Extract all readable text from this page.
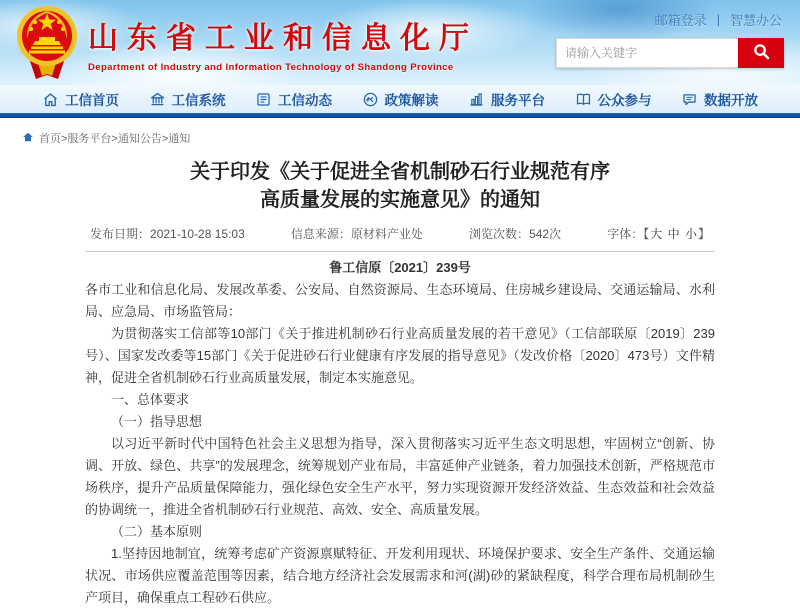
山东省工业和信息化厅
Department of Industry and Information Technology of Shandong Province
邮箱登录 | 智慧办公
请输入关键字
工信首页	工信系统	工信动态	政策解读	服务平台	公众参与	数据开放
首页>服务平台>通知公告>通知
关于印发《关于促进全省机制砂石行业规范有序
高质量发展的实施意见》的通知
发布日期：2021-10-28 15:03	信息来源：原材料产业处	浏览次数：542次	字体：【大 中 小】

鲁工信原〔2021〕239号

各市工业和信息化局、发展改革委、公安局、自然资源局、生态环境局、住房城乡建设局、交通运输局、水利局、应急局、市场监管局：

为贯彻落实工信部等10部门《关于推进机制砂石行业高质量发展的若干意见》（工信部联原〔2019〕239号）、国家发改委等15部门《关于促进砂石行业健康有序发展的指导意见》（发改价格〔2020〕473号）文件精神，促进全省机制砂石行业高质量发展，制定本实施意见。

一、总体要求

（一）指导思想

以习近平新时代中国特色社会主义思想为指导，深入贯彻落实习近平生态文明思想，牢固树立“创新、协调、开放、绿色、共享”的发展理念，统筹规划产业布局，丰富延伸产业链条，着力加强技术创新，严格规范市场秩序，提升产品质量保障能力，强化绿色安全生产水平，努力实现资源开发经济效益、生态效益和社会效益的协调统一，推进全省机制砂石行业规范、高效、安全、高质量发展。

（二）基本原则

1.坚持因地制宜，统筹考虑矿产资源禀赋特征、开发利用现状、环境保护要求、安全生产条件、交通运输状况、市场供应覆盖范围等因素，结合地方经济社会发展需求和河(湖)砂的紧缺程度，科学合理布局机制砂生产项目，确保重点工程砂石供应。
